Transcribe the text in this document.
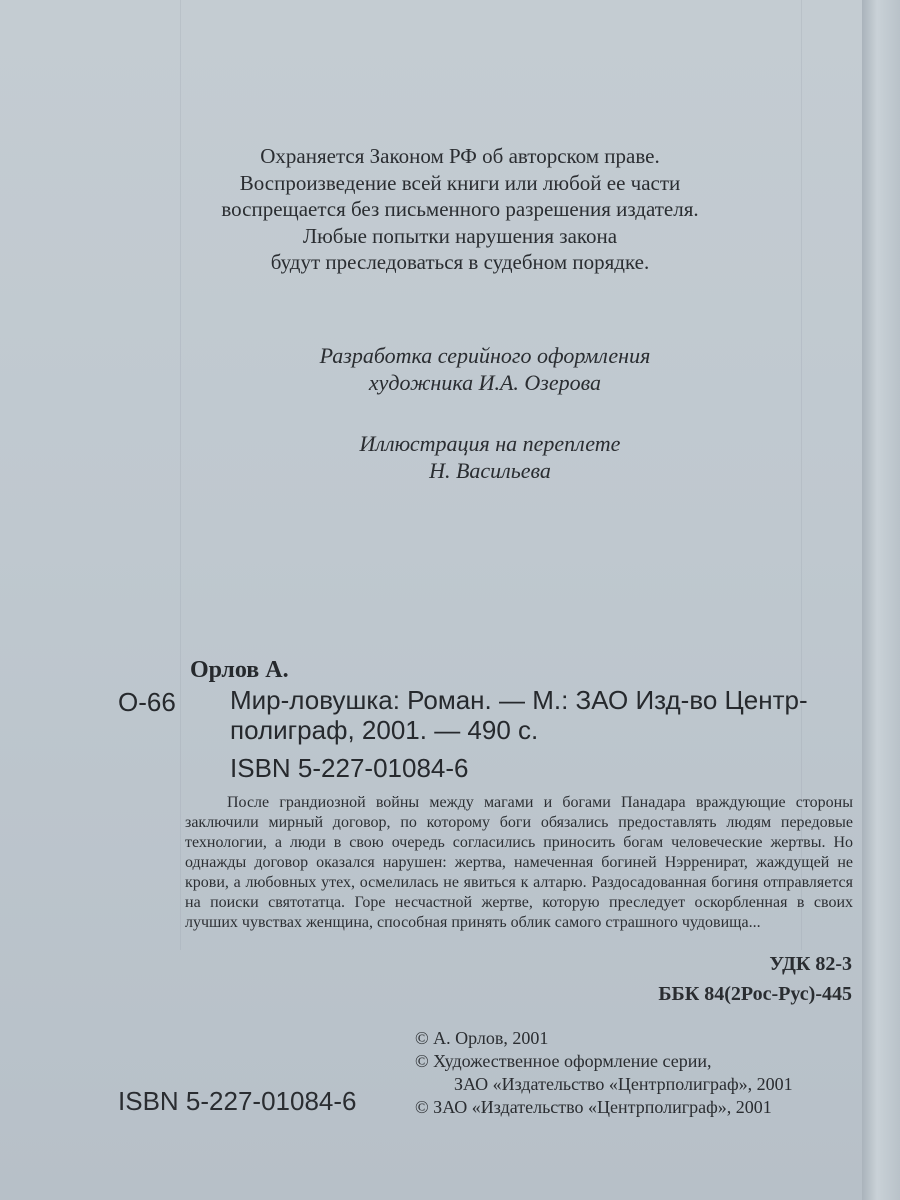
Охраняется Законом РФ об авторском праве.
Воспроизведение всей книги или любой ее части
воспрещается без письменного разрешения издателя.
Любые попытки нарушения закона
будут преследоваться в судебном порядке.
Разработка серийного оформления
художника И.А. Озерова
Иллюстрация на переплете
Н. Васильева
Орлов А.
О-66 Мир-ловушка: Роман. — М.: ЗАО Изд-во Центр-
полиграф, 2001. — 490 с.
ISBN 5-227-01084-6
После грандиозной войны между магами и богами Панадара враждующие стороны заключили мирный договор, по которому боги обязались предоставлять людям передовые технологии, а люди в свою очередь согласились приносить богам человеческие жертвы. Но однажды договор оказался нарушен: жертва, намеченная богиней Нэрренират, жаждущей не крови, а любовных утех, осмелилась не явиться к алтарю. Раздосадованная богиня отправляется на поиски святотатца. Горе несчастной жертве, которую преследует оскорбленная в своих лучших чувствах женщина, способная принять облик самого страшного чудовища...
УДК 82-3
ББК 84(2Рос-Рус)-445
© А. Орлов, 2001
© Художественное оформление серии,
ЗАО «Издательство «Центрполиграф», 2001
© ЗАО «Издательство «Центрполиграф», 2001
ISBN 5-227-01084-6
